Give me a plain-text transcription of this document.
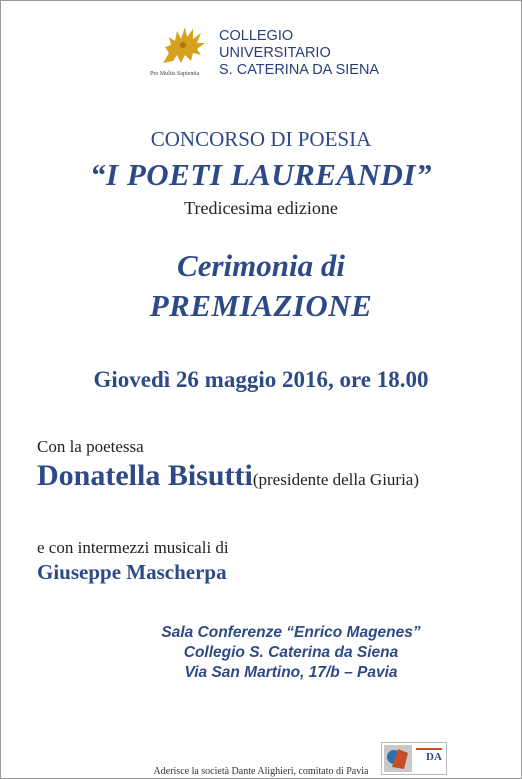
Pro Multis Sapientia
COLLEGIO
UNIVERSITARIO
S. CATERINA DA SIENA
CONCORSO DI POESIA
“I POETI LAUREANDI”
Tredicesima edizione
Cerimonia di
PREMIAZIONE
Giovedì 26 maggio 2016, ore 18.00
Con la poetessa
Donatella Bisutti(presidente della Giuria)
e con intermezzi musicali di
Giuseppe Mascherpa
Sala Conferenze “Enrico Magenes”
Collegio S. Caterina da Siena
Via San Martino, 17/b – Pavia
DA
Aderisce la società Dante Alighieri, comitato di Pavia
